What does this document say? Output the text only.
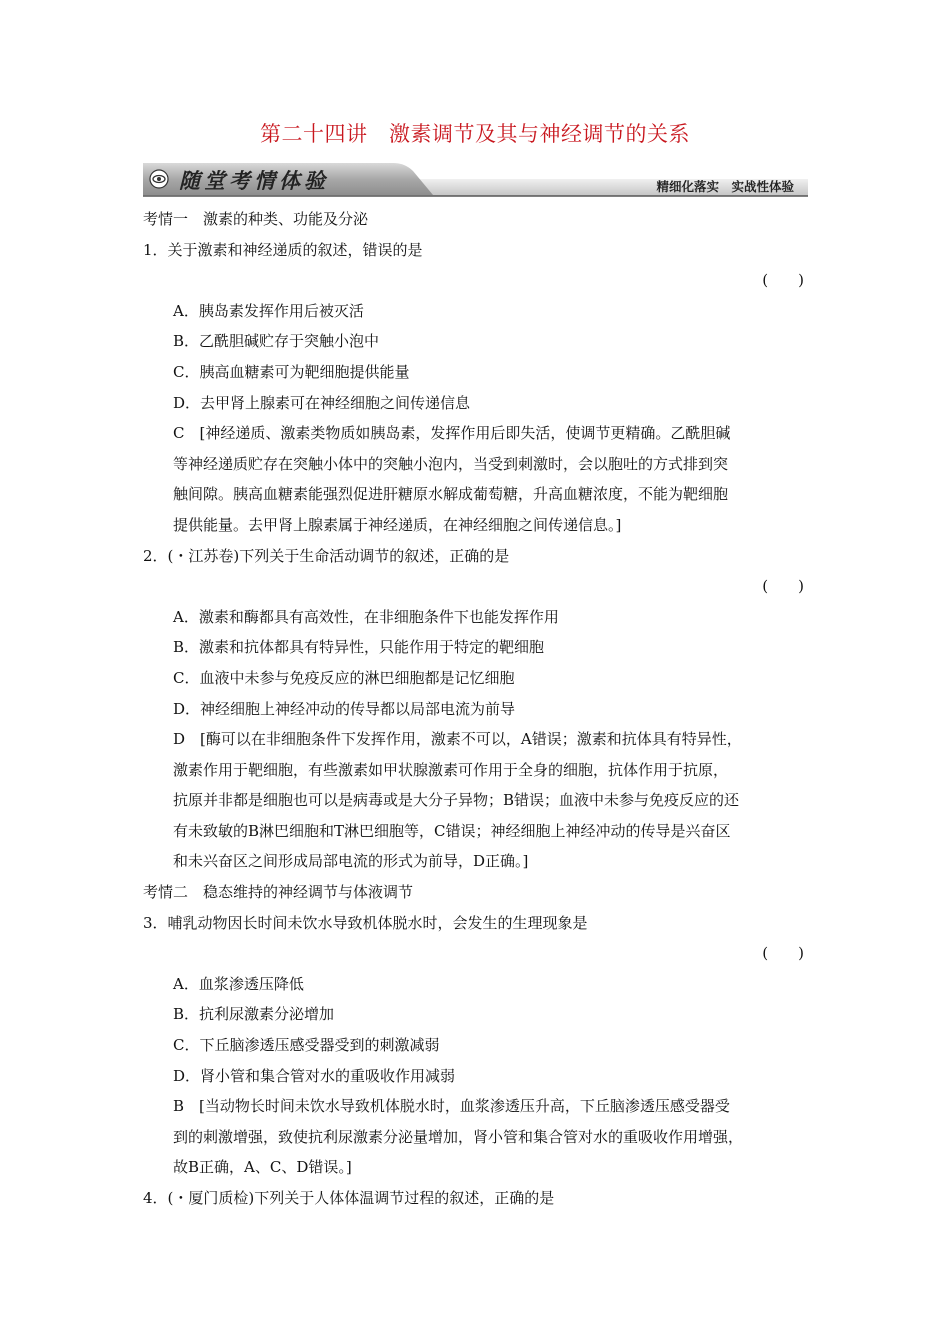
第二十四讲　激素调节及其与神经调节的关系
随堂考情体验	精细化落实　实战性体验
考情一　激素的种类、功能及分泌
1．关于激素和神经递质的叙述，错误的是
(　　)
A．胰岛素发挥作用后被灭活
B．乙酰胆碱贮存于突触小泡中
C．胰高血糖素可为靶细胞提供能量
D．去甲肾上腺素可在神经细胞之间传递信息
C　[神经递质、激素类物质如胰岛素，发挥作用后即失活，使调节更精确。乙酰胆碱
等神经递质贮存在突触小体中的突触小泡内，当受到刺激时，会以胞吐的方式排到突
触间隙。胰高血糖素能强烈促进肝糖原水解成葡萄糖，升高血糖浓度，不能为靶细胞
提供能量。去甲肾上腺素属于神经递质，在神经细胞之间传递信息。]
2．(・江苏卷)下列关于生命活动调节的叙述，正确的是
(　　)
A．激素和酶都具有高效性，在非细胞条件下也能发挥作用
B．激素和抗体都具有特异性，只能作用于特定的靶细胞
C．血液中未参与免疫反应的淋巴细胞都是记忆细胞
D．神经细胞上神经冲动的传导都以局部电流为前导
D　[酶可以在非细胞条件下发挥作用，激素不可以，A错误；激素和抗体具有特异性，
激素作用于靶细胞，有些激素如甲状腺激素可作用于全身的细胞，抗体作用于抗原，
抗原并非都是细胞也可以是病毒或是大分子异物；B错误；血液中未参与免疫反应的还
有未致敏的B淋巴细胞和T淋巴细胞等，C错误；神经细胞上神经冲动的传导是兴奋区
和未兴奋区之间形成局部电流的形式为前导，D正确。]
考情二　稳态维持的神经调节与体液调节
3．哺乳动物因长时间未饮水导致机体脱水时，会发生的生理现象是
(　　)
A．血浆渗透压降低
B．抗利尿激素分泌增加
C．下丘脑渗透压感受器受到的刺激减弱
D．肾小管和集合管对水的重吸收作用减弱
B　[当动物长时间未饮水导致机体脱水时，血浆渗透压升高，下丘脑渗透压感受器受
到的刺激增强，致使抗利尿激素分泌量增加，肾小管和集合管对水的重吸收作用增强，
故B正确，A、C、D错误。]
4．(・厦门质检)下列关于人体体温调节过程的叙述，正确的是
